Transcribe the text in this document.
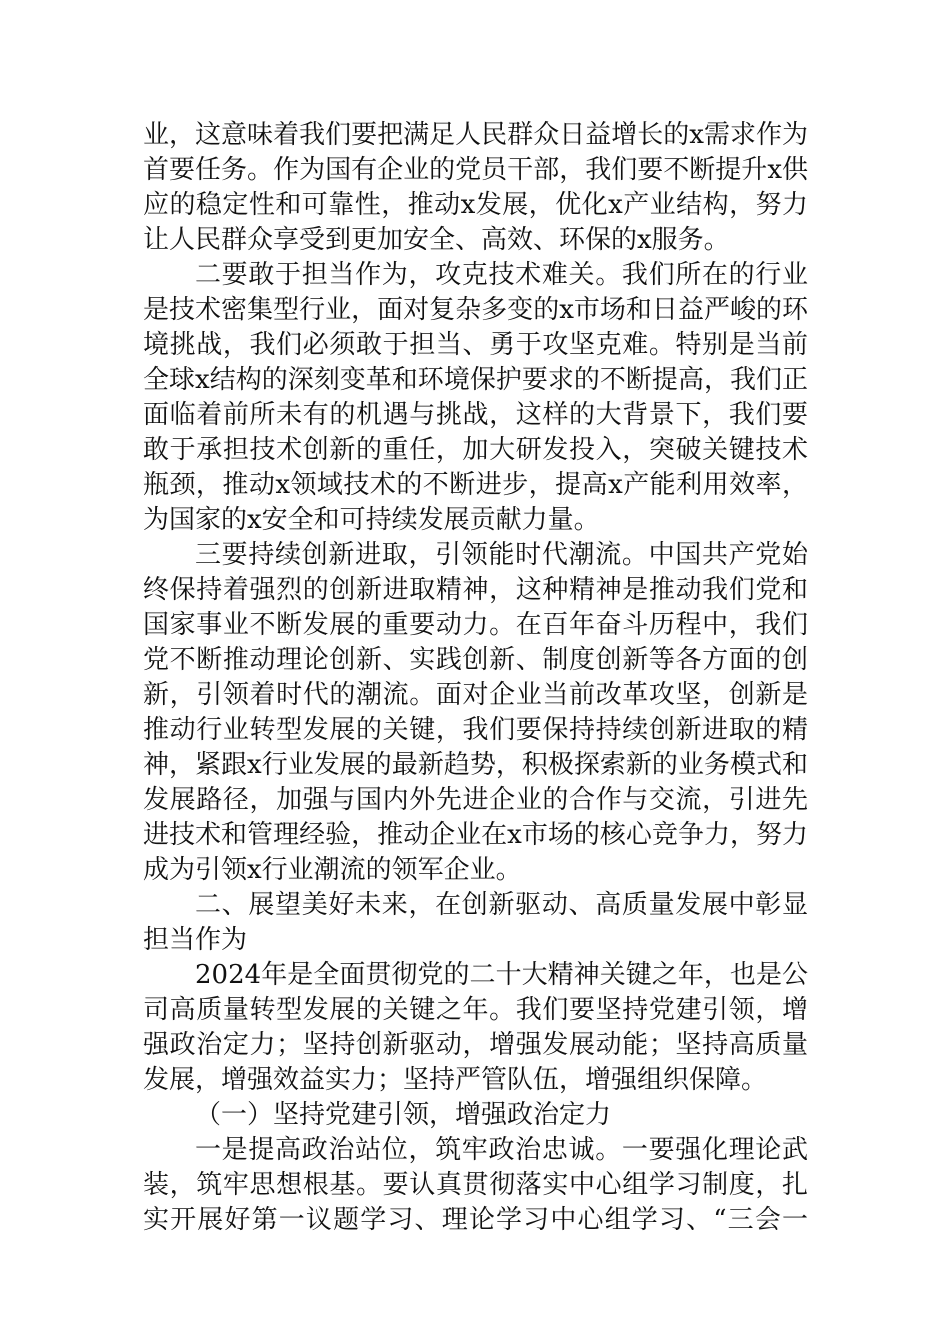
业，这意味着我们要把满足人民群众日益增长的x需求作为
首要任务。作为国有企业的党员干部，我们要不断提升x供
应的稳定性和可靠性，推动x发展，优化x产业结构，努力
让人民群众享受到更加安全、高效、环保的x服务。
二要敢于担当作为，攻克技术难关。我们所在的行业
是技术密集型行业，面对复杂多变的x市场和日益严峻的环
境挑战，我们必须敢于担当、勇于攻坚克难。特别是当前
全球x结构的深刻变革和环境保护要求的不断提高，我们正
面临着前所未有的机遇与挑战，这样的大背景下，我们要
敢于承担技术创新的重任，加大研发投入，突破关键技术
瓶颈，推动x领域技术的不断进步，提高x产能利用效率，
为国家的x安全和可持续发展贡献力量。
三要持续创新进取，引领能时代潮流。中国共产党始
终保持着强烈的创新进取精神，这种精神是推动我们党和
国家事业不断发展的重要动力。在百年奋斗历程中，我们
党不断推动理论创新、实践创新、制度创新等各方面的创
新，引领着时代的潮流。面对企业当前改革攻坚，创新是
推动行业转型发展的关键，我们要保持持续创新进取的精
神，紧跟x行业发展的最新趋势，积极探索新的业务模式和
发展路径，加强与国内外先进企业的合作与交流，引进先
进技术和管理经验，推动企业在x市场的核心竞争力，努力
成为引领x行业潮流的领军企业。
二、展望美好未来，在创新驱动、高质量发展中彰显
担当作为
2024年是全面贯彻党的二十大精神关键之年，也是公
司高质量转型发展的关键之年。我们要坚持党建引领，增
强政治定力；坚持创新驱动，增强发展动能；坚持高质量
发展，增强效益实力；坚持严管队伍，增强组织保障。
（一）坚持党建引领，增强政治定力
一是提高政治站位，筑牢政治忠诚。一要强化理论武
装，筑牢思想根基。要认真贯彻落实中心组学习制度，扎
实开展好第一议题学习、理论学习中心组学习、“三会一
